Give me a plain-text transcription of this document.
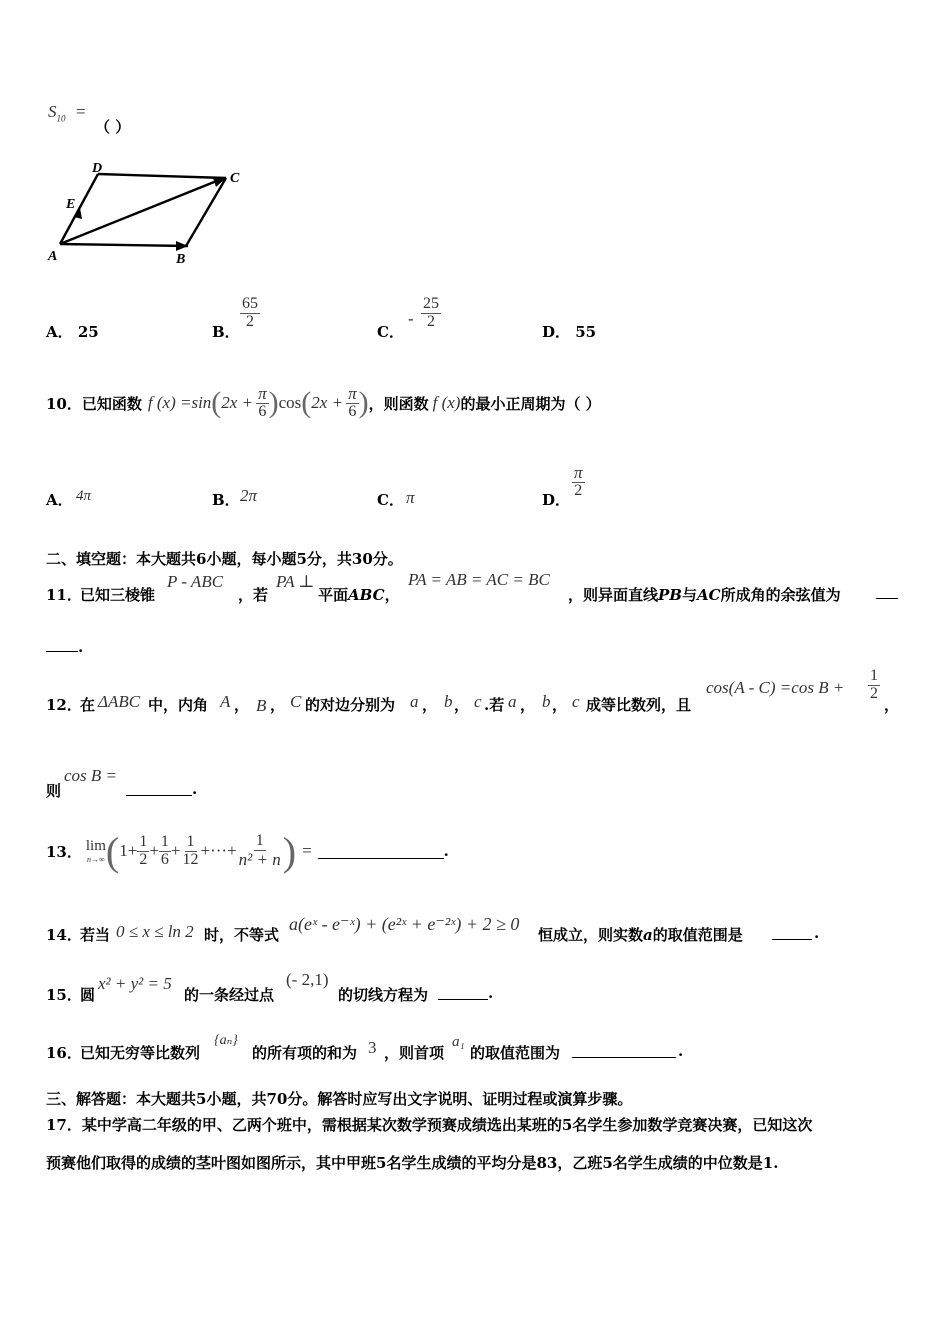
$S_{10}$ =
（ ）
D
C
E
A	B
A． 25	B．
$\frac{65}{2}$
C．
- $\frac{25}{2}$
D． 55
10． 已知函数 f (x) =sin ( $2x + \frac{\pi}{6}$ ) cos ( $2x + \frac{\pi}{6}$ ) ，则函数 f (x) 的最小正周期为（ ）
A． 4π	B． 2π	C． π	D．
$\frac{\pi}{2}$
二、填空题：本大题共6小题，每小题5分，共30分。
11．
已知三棱锥
P - ABC
，若
PA ⊥
平面ABC，
PA = AB = AC = BC
，则异面直线PB与AC所成角的余弦值为
.
12．
在 ΔABC 中，内角 A ， B ， C 的对边分别为 a ， b ， c .若 a ， b ， c 成等比数列，且
cos(A - C) =cos $B + \frac{1}{2}$
，
则
cos B =
.
13． lim
n→∞ ( $1+ \frac{1}{2} + \frac{1}{6} + \frac{1}{12}$ +···+ $\frac{1}{\text{n² + n}}$ ) =	.
14．
若当 0 ≤ x ≤ ln 2 时，不等式
a(eˣ - e⁻ˣ) + (e²ˣ + e⁻²ˣ) + 2 ≥ 0
恒成立，则实数a的取值范围是	.
15．
圆
x² + y² = 5
的一条经过点
(- 2,1)
的切线方程为	.
16．
已知无穷等比数列
{aₙ}
的所有项的和为 3 ，则首项
a₁
的取值范围为	.
三、解答题：本大题共5小题，共70分。解答时应写出文字说明、证明过程或演算步骤。
17．某中学高二年级的甲、乙两个班中，需根据某次数学预赛成绩选出某班的5名学生参加数学竞赛决赛，已知这次
预赛他们取得的成绩的茎叶图如图所示，其中甲班5名学生成绩的平均分是83，乙班5名学生成绩的中位数是1.
